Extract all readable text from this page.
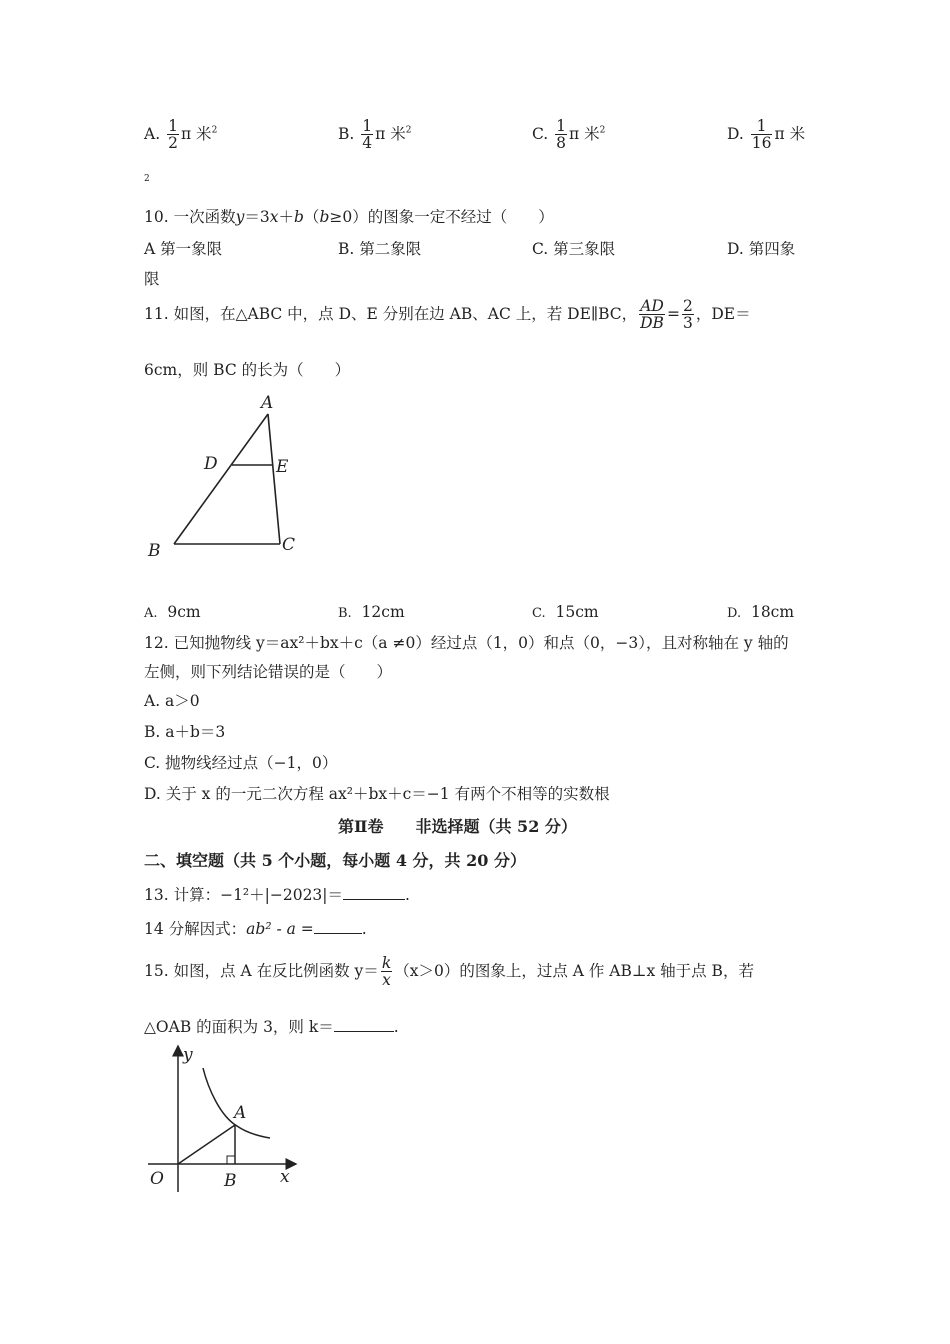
A. $\frac{1}{2}$ π 米$^2$	B. $\frac{1}{4}$ π 米$^2$	C. $\frac{1}{8}$ π 米$^2$	D. $\frac{1}{16}$ π 米
2
10. 一次函数y＝3x＋b（b≥0）的图象一定不经过（　　）
A 第一象限	B. 第二象限	C. 第三象限	D. 第四象
限
11. 如图，在△ABC 中，点 D、E 分别在边 AB、AC 上，若 DE∥BC， $\frac{AD}{DB} = \frac{2}{3}$ ，DE＝
6cm，则 BC 的长为（　　）
A
D	E
B	C
A. 9cm	B. 12cm	C. 15cm	D. 18cm
12. 已知抛物线 y＝ax²＋bx＋c（a ≠0）经过点（1，0）和点（0，−3），且对称轴在 y 轴的
左侧，则下列结论错误的是（　　）
A. a＞0
B. a＋b＝3
C. 抛物线经过点（−1，0）
D. 关于 x 的一元二次方程 ax²＋bx＋c＝−1 有两个不相等的实数根
第Ⅱ卷　　非选择题（共 52 分）
二、填空题（共 5 个小题，每小题 4 分，共 20 分）
13. 计算：−1²＋|−2023|＝	.
14 分解因式：ab² - a =	.
15. 如图，点 A 在反比例函数 $y= \frac{k}{x} (x>0)$的图象上，过点 A 作 AB⊥x 轴于点 B，若
△OAB 的面积为 3，则 k＝	.
y
x
O
A
B
